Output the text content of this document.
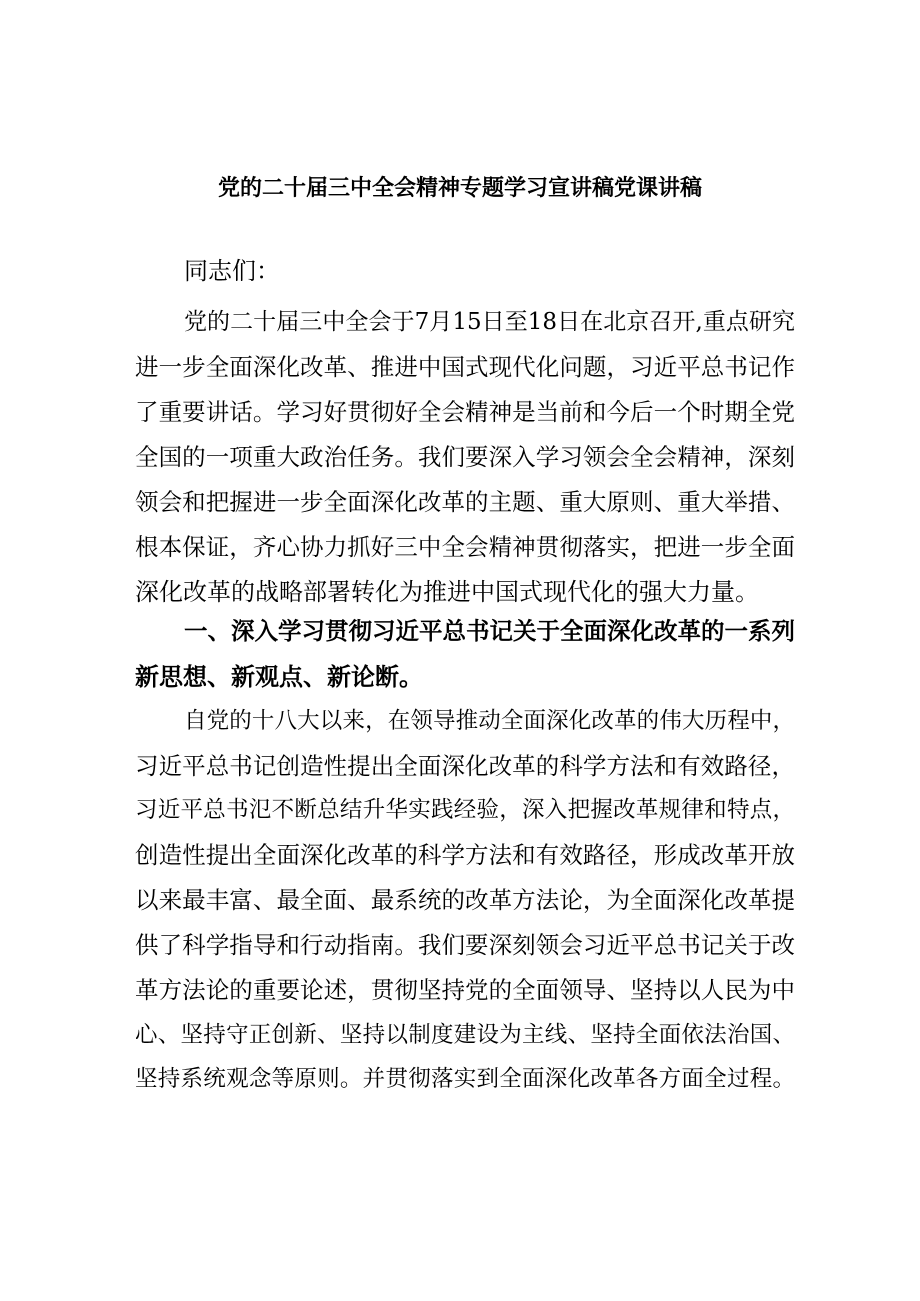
党的二十届三中全会精神专题学习宣讲稿党课讲稿
同志们：
党的二十届三中全会于7月15日至18日在北京召开,重点研究
进一步全面深化改革、推进中国式现代化问题，习近平总书记作
了重要讲话。学习好贯彻好全会精神是当前和今后一个时期全党
全国的一项重大政治任务。我们要深入学习领会全会精神，深刻
领会和把握进一步全面深化改革的主题、重大原则、重大举措、
根本保证，齐心协力抓好三中全会精神贯彻落实，把进一步全面
深化改革的战略部署转化为推进中国式现代化的强大力量。
一、深入学习贯彻习近平总书记关于全面深化改革的一系列
新思想、新观点、新论断。
自党的十八大以来，在领导推动全面深化改革的伟大历程中，
习近平总书记创造性提出全面深化改革的科学方法和有效路径，
习近平总书氾不断总结升华实践经验，深入把握改革规律和特点，
创造性提出全面深化改革的科学方法和有效路径，形成改革开放
以来最丰富、最全面、最系统的改革方法论，为全面深化改革提
供了科学指导和行动指南。我们要深刻领会习近平总书记关于改
革方法论的重要论述，贯彻坚持党的全面领导、坚持以人民为中
心、坚持守正创新、坚持以制度建设为主线、坚持全面依法治国、
坚持系统观念等原则。并贯彻落实到全面深化改革各方面全过程。
